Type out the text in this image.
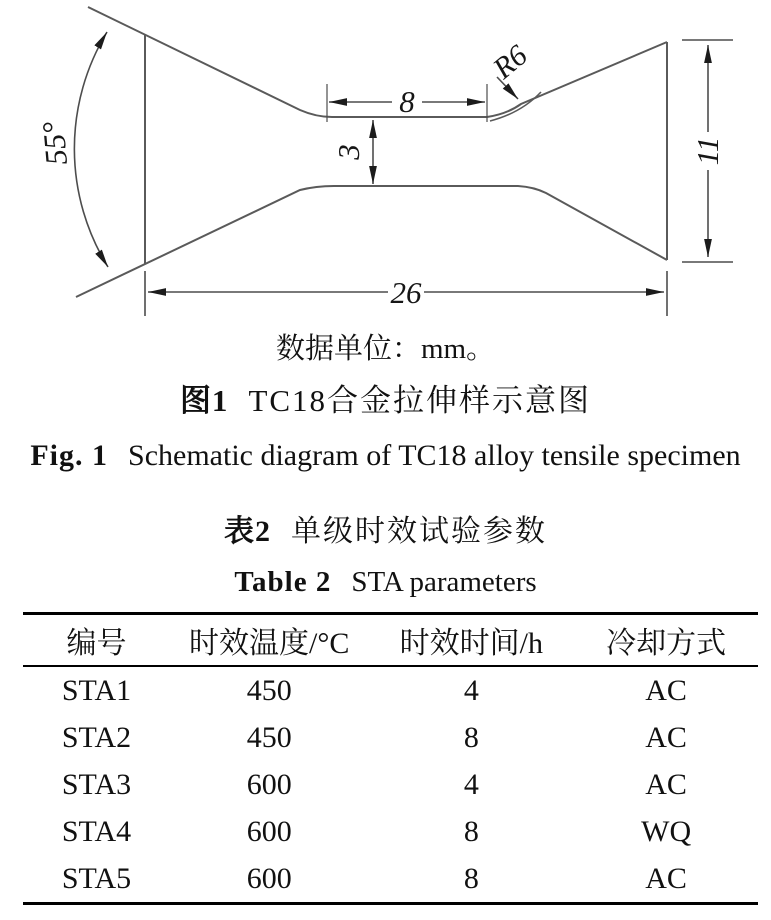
55°
8
3
R6
11
26
数据单位：mm。
图1 TC18合金拉伸样示意图
Fig. 1 Schematic diagram of TC18 alloy tensile specimen
表2 单级时效试验参数
Table 2 STA parameters
编号	时效温度/°C	时效时间/h	冷却方式
STA1	450	4	AC
STA2	450	8	AC
STA3	600	4	AC
STA4	600	8	WQ
STA5	600	8	AC
